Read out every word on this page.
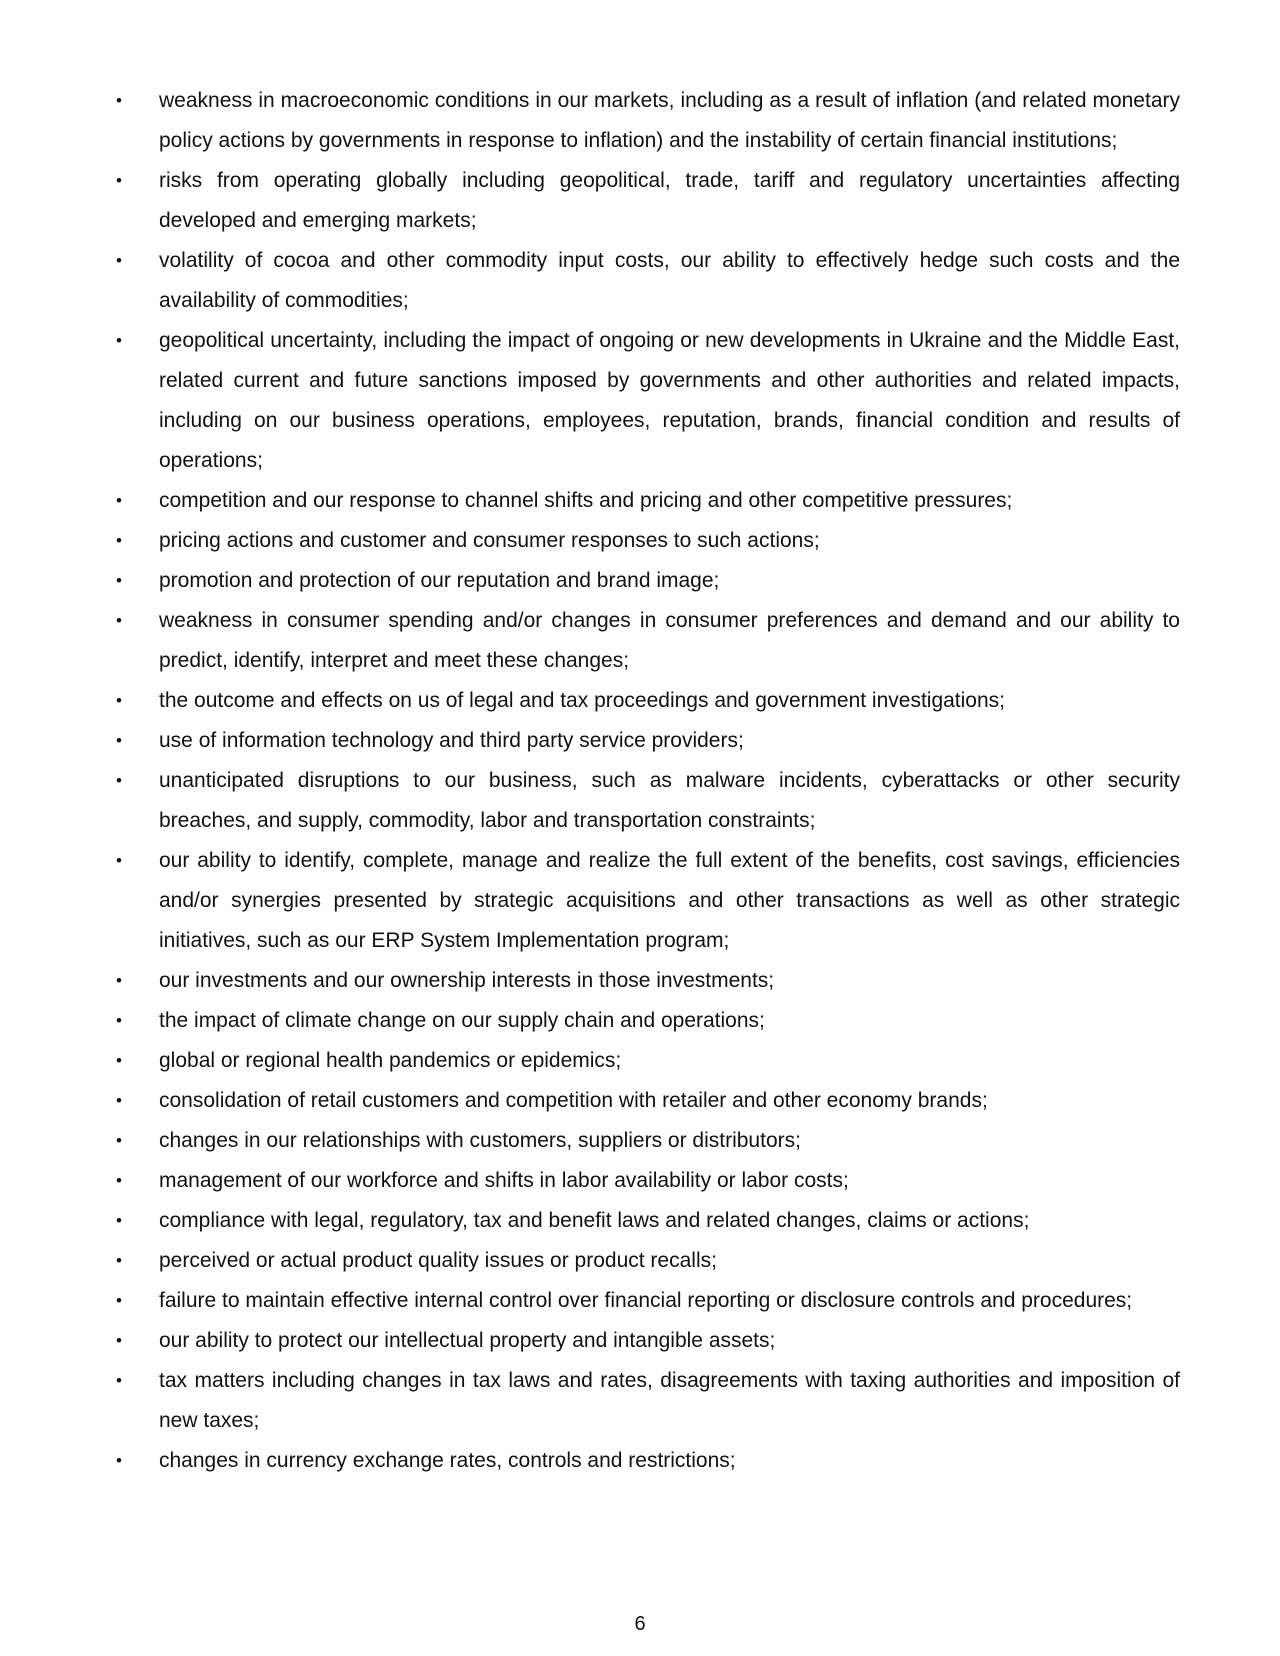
•	weakness in macroeconomic conditions in our markets, including as a result of inflation (and related monetary policy actions by governments in response to inflation) and the instability of certain financial institutions;
•	risks from operating globally including geopolitical, trade, tariff and regulatory uncertainties affecting developed and emerging markets;
•	volatility of cocoa and other commodity input costs, our ability to effectively hedge such costs and the availability of commodities;
•	geopolitical uncertainty, including the impact of ongoing or new developments in Ukraine and the Middle East, related current and future sanctions imposed by governments and other authorities and related impacts, including on our business operations, employees, reputation, brands, financial condition and results of operations;
•	competition and our response to channel shifts and pricing and other competitive pressures;
•	pricing actions and customer and consumer responses to such actions;
•	promotion and protection of our reputation and brand image;
•	weakness in consumer spending and/or changes in consumer preferences and demand and our ability to predict, identify, interpret and meet these changes;
•	the outcome and effects on us of legal and tax proceedings and government investigations;
•	use of information technology and third party service providers;
•	unanticipated disruptions to our business, such as malware incidents, cyberattacks or other security breaches, and supply, commodity, labor and transportation constraints;
•	our ability to identify, complete, manage and realize the full extent of the benefits, cost savings, efficiencies and/or synergies presented by strategic acquisitions and other transactions as well as other strategic initiatives, such as our ERP System Implementation program;
•	our investments and our ownership interests in those investments;
•	the impact of climate change on our supply chain and operations;
•	global or regional health pandemics or epidemics;
•	consolidation of retail customers and competition with retailer and other economy brands;
•	changes in our relationships with customers, suppliers or distributors;
•	management of our workforce and shifts in labor availability or labor costs;
•	compliance with legal, regulatory, tax and benefit laws and related changes, claims or actions;
•	perceived or actual product quality issues or product recalls;
•	failure to maintain effective internal control over financial reporting or disclosure controls and procedures;
•	our ability to protect our intellectual property and intangible assets;
•	tax matters including changes in tax laws and rates, disagreements with taxing authorities and imposition of new taxes;
•	changes in currency exchange rates, controls and restrictions;
6
